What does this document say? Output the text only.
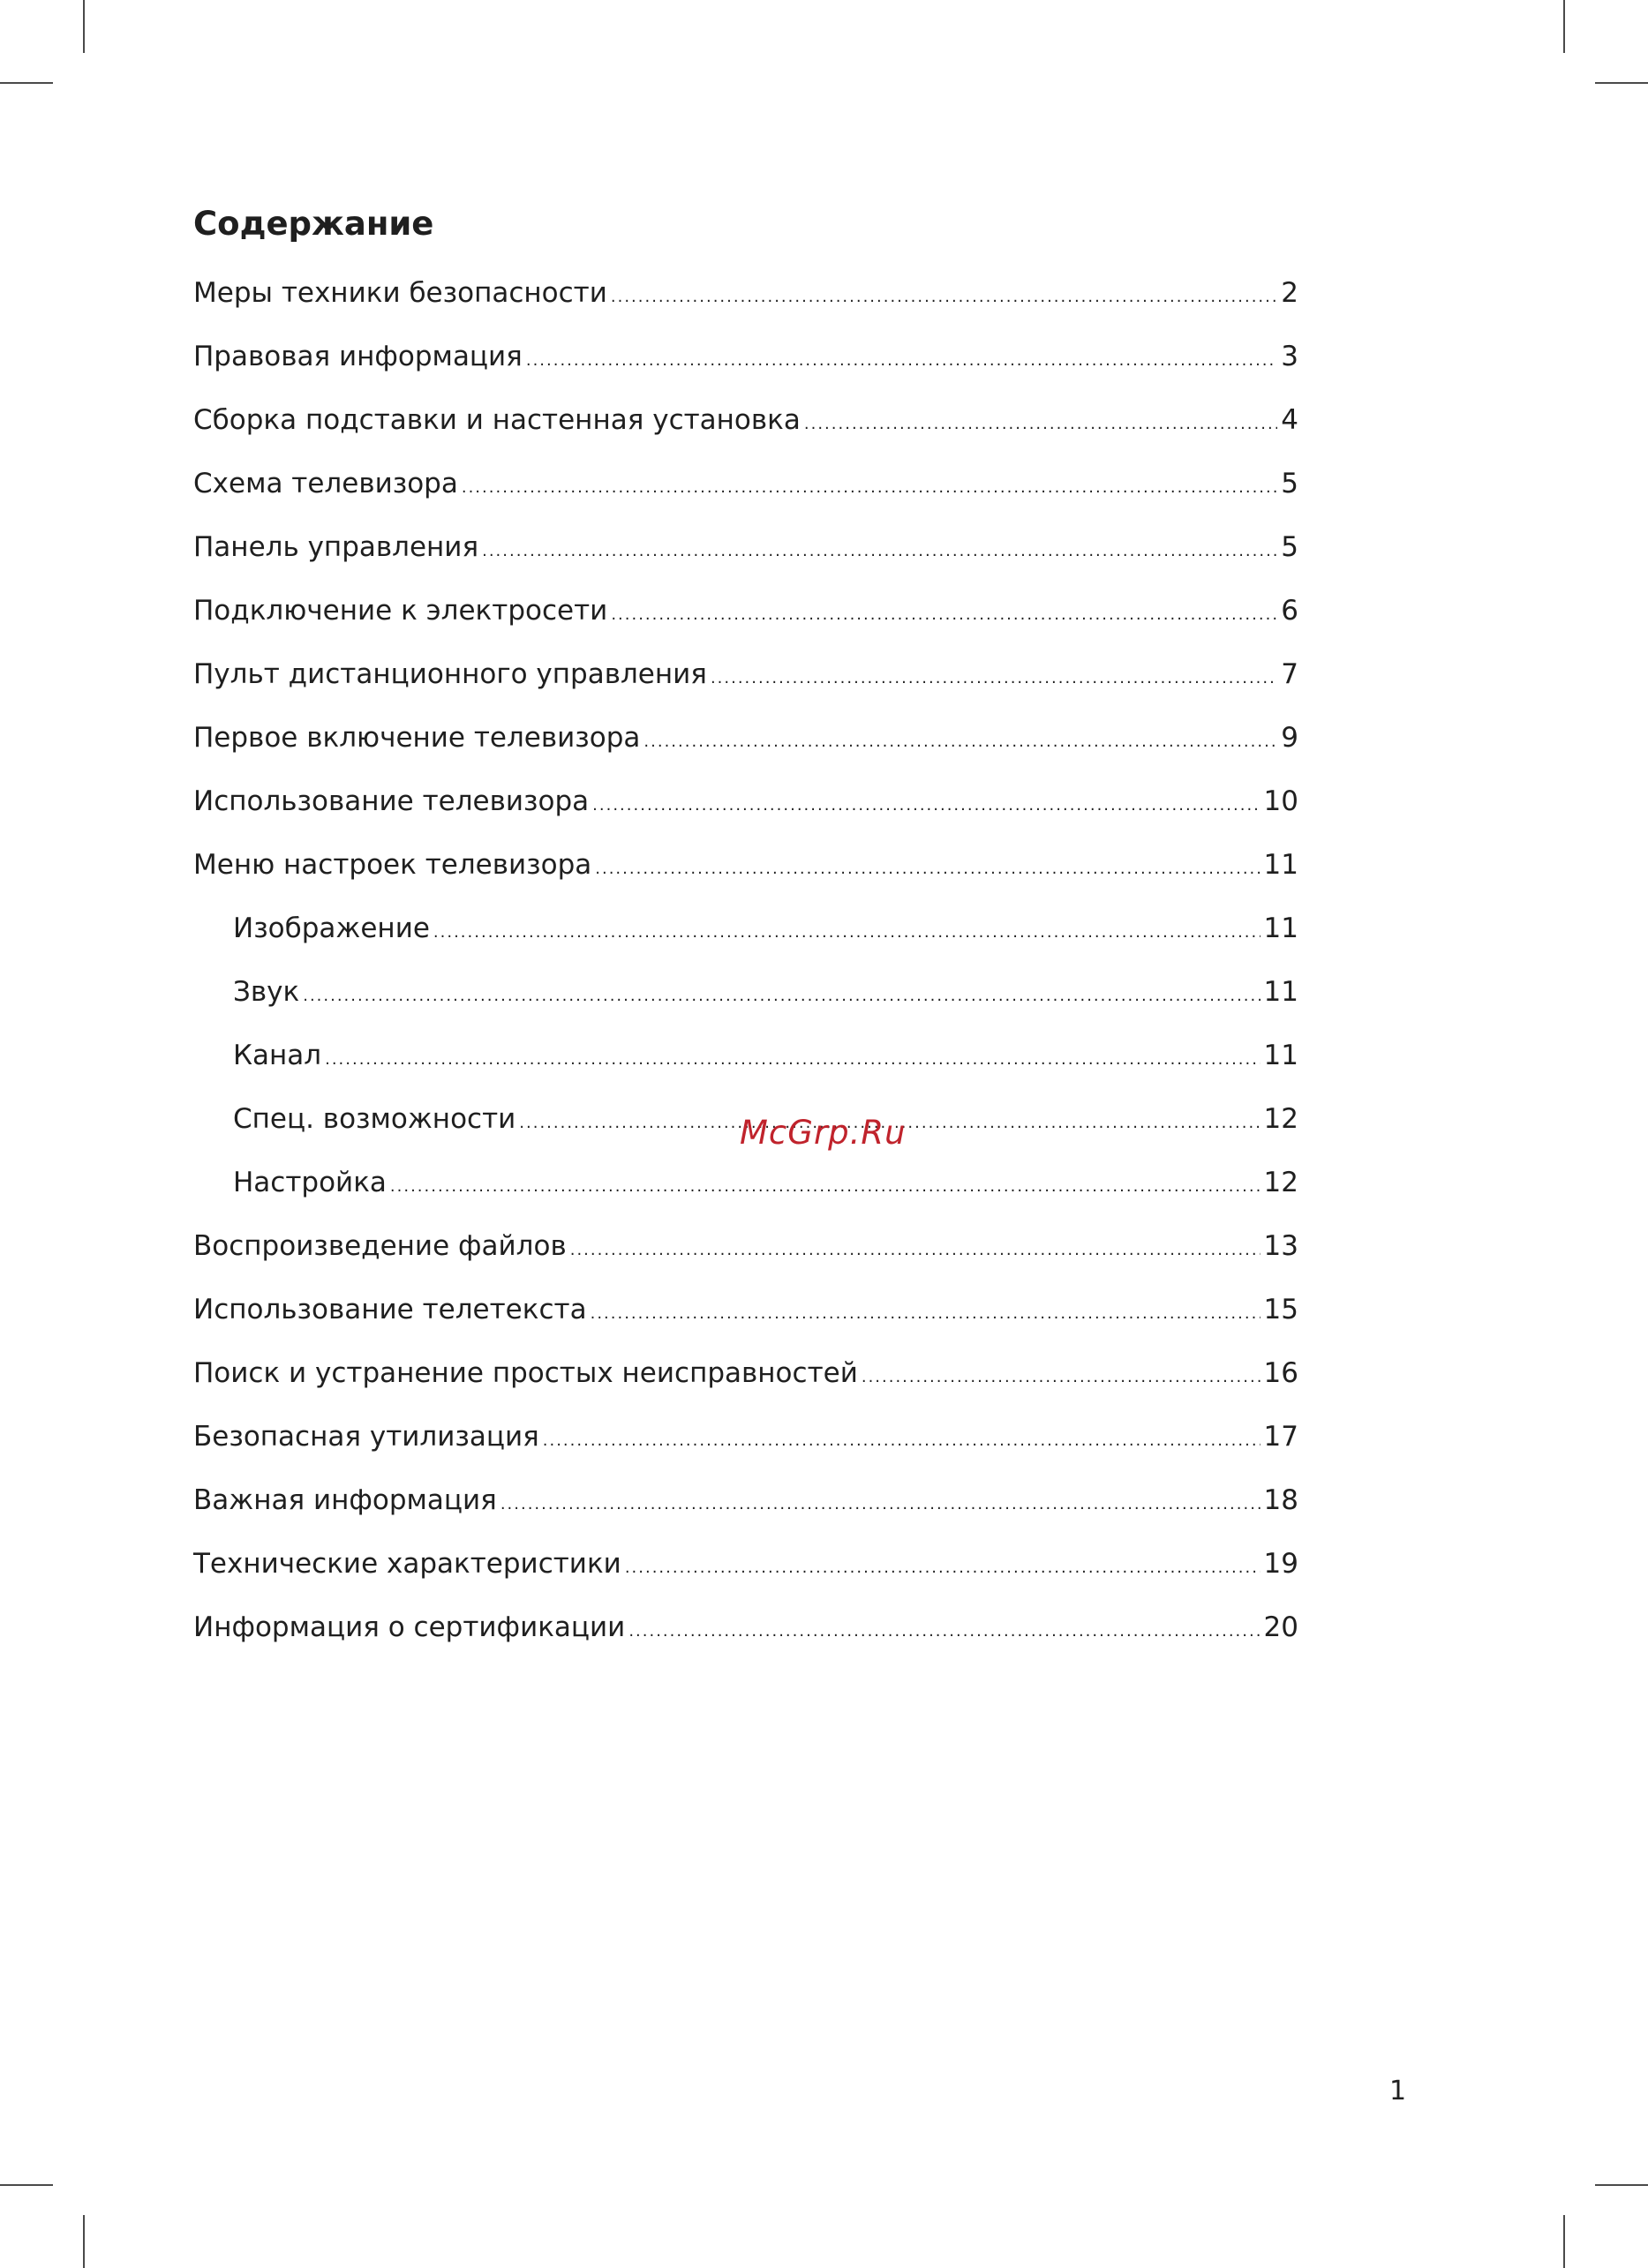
Содержание
Меры техники безопасности .....	2
Правовая информация .....	3
Сборка подставки и настенная установка .....	4
Схема телевизора .....	5
Панель управления .....	5
Подключение к электросети .....	6
Пульт дистанционного управления .....	7
Первое включение телевизора .....	9
Использование телевизора .....	10
Меню настроек телевизора .....	11
Изображение .....	11
Звук .....	11
Канал .....	11
Спец. возможности .....	12
Настройка .....	12
Воспроизведение файлов .....	13
Использование телетекста .....	15
Поиск и устранение простых неисправностей .....	16
Безопасная утилизация .....	17
Важная информация .....	18
Технические характеристики .....	19
Информация о сертификации .....	20
McGrp.Ru
1
